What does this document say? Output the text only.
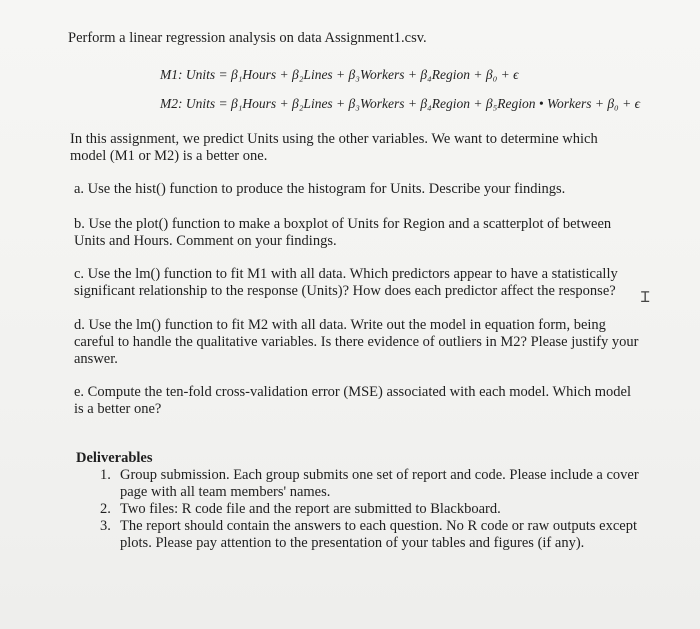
Perform a linear regression analysis on data Assignment1.csv.
M1: Units = β₁Hours + β₂Lines + β₃Workers + β₄Region + β₀ + ϵ
M2: Units = β₁Hours + β₂Lines + β₃Workers + β₄Region + β₅Region • Workers + β₀ + ϵ
In this assignment, we predict Units using the other variables. We want to determine which
model (M1 or M2) is a better one.
a. Use the hist() function to produce the histogram for Units. Describe your findings.
b. Use the plot() function to make a boxplot of Units for Region and a scatterplot of between
Units and Hours. Comment on your findings.
c. Use the lm() function to fit M1 with all data. Which predictors appear to have a statistically
significant relationship to the response (Units)? How does each predictor affect the response? Ɪ
d. Use the lm() function to fit M2 with all data. Write out the model in equation form, being
careful to handle the qualitative variables. Is there evidence of outliers in M2? Please justify your
answer.
e. Compute the ten-fold cross-validation error (MSE) associated with each model. Which model
is a better one?
Deliverables
1. Group submission. Each group submits one set of report and code. Please include a cover
page with all team members' names.
2. Two files: R code file and the report are submitted to Blackboard.
3. The report should contain the answers to each question. No R code or raw outputs except
plots. Please pay attention to the presentation of your tables and figures (if any).
